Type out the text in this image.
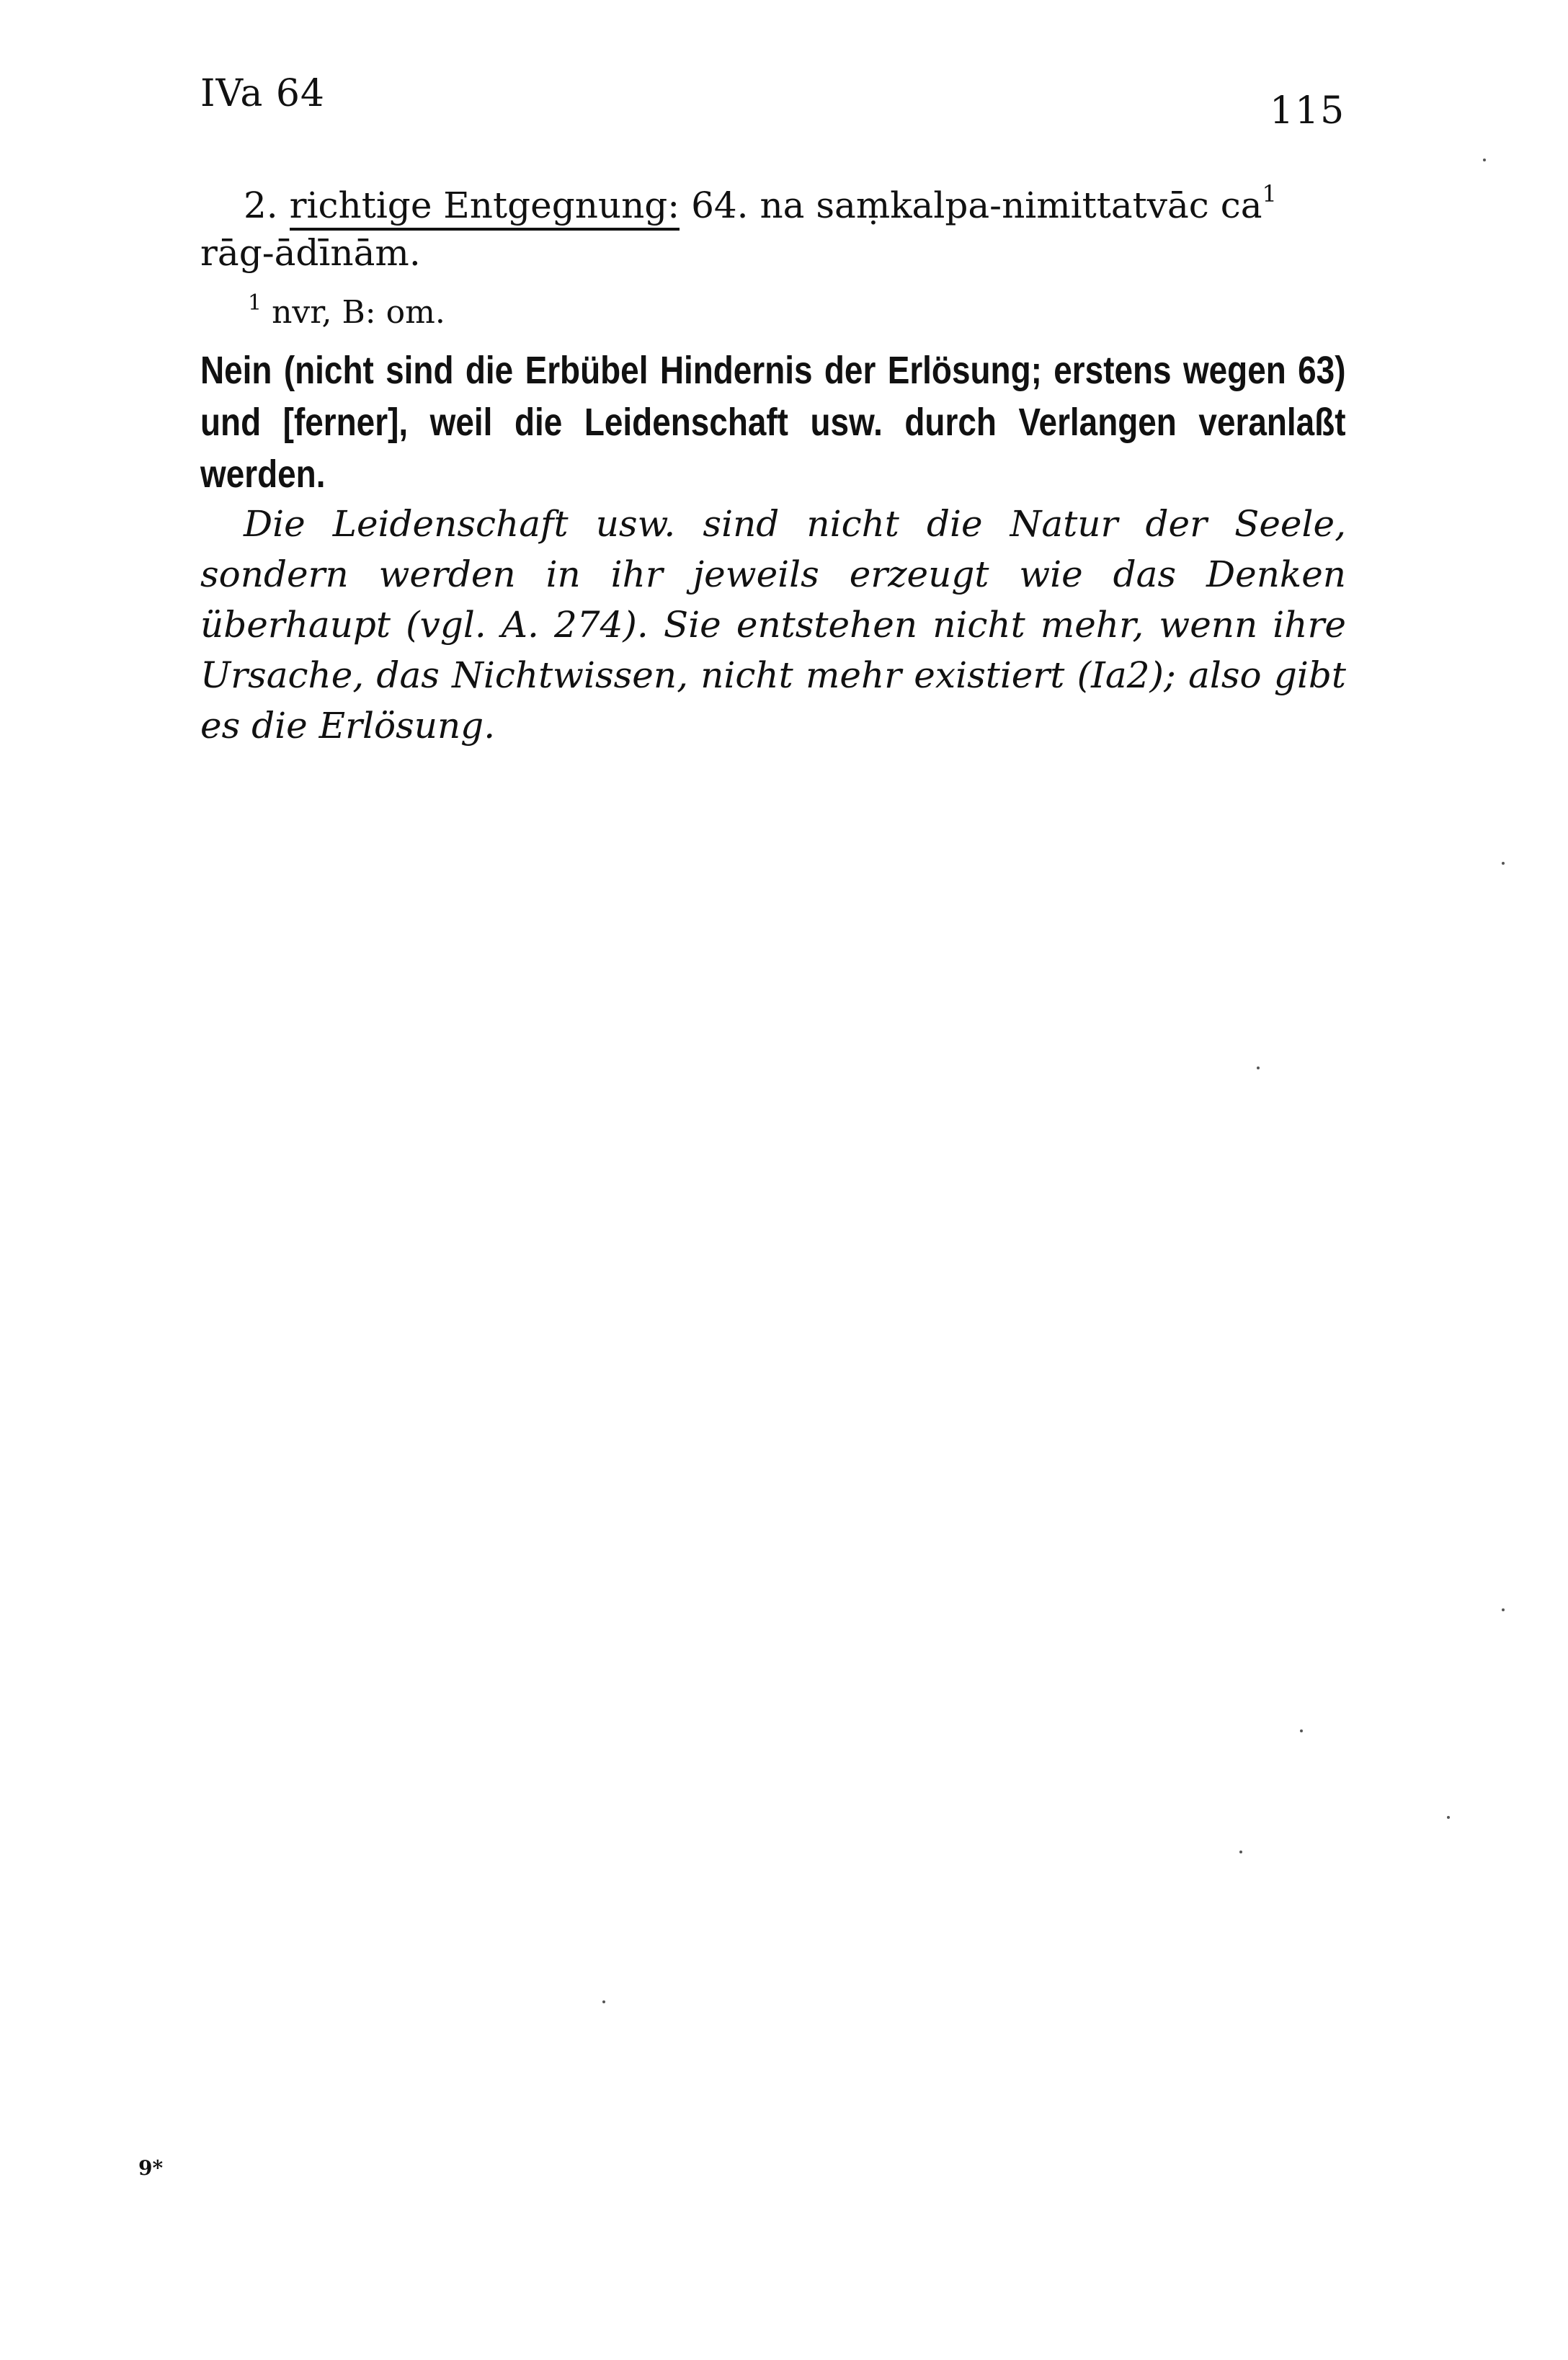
IVa 64	115
2. richtige Entgegnung: 64. na saṃkalpa-nimittatvāc $ca^1$
rāg-ādīnām.
$^1$ nvr, B: om.
Nein (nicht sind die Erbübel Hindernis der Erlösung; erstens wegen 63) und [ferner], weil die Leidenschaft usw. durch Verlangen veranlaßt werden.
Die Leidenschaft usw. sind nicht die Natur der Seele, sondern werden in ihr jeweils erzeugt wie das Denken überhaupt (vgl. A. 274). Sie entstehen nicht mehr, wenn ihre Ursache, das Nichtwissen, nicht mehr existiert (Ia2); also gibt es die Erlösung.
9*
